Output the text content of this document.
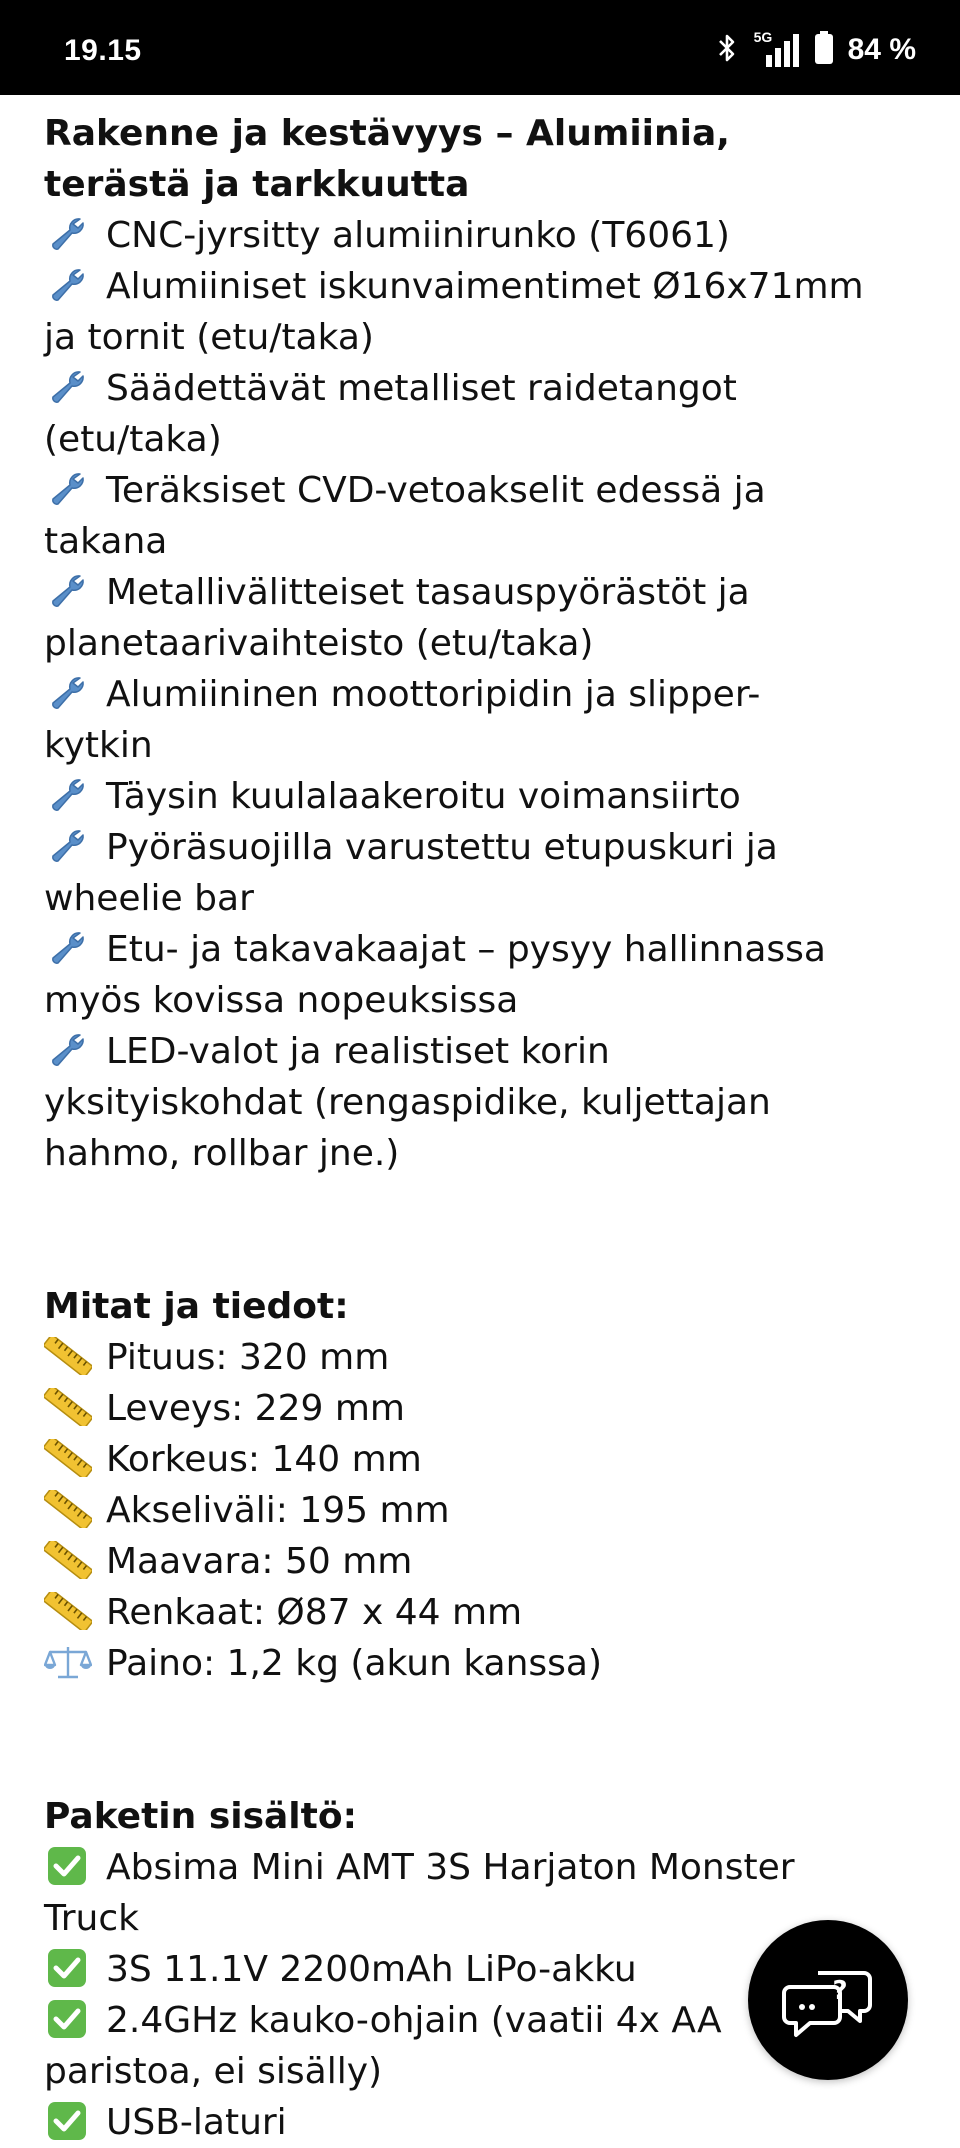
19.15	5G	84 %
Rakenne ja kestävyys – Alumiinia,
terästä ja tarkkuutta
CNC-jyrsitty alumiinirunko (T6061)
Alumiiniset iskunvaimentimet Ø16x71mm
ja tornit (etu/taka)
Säädettävät metalliset raidetangot
(etu/taka)
Teräksiset CVD-vetoakselit edessä ja
takana
Metallivälitteiset tasauspyörästöt ja
planetaarivaihteisto (etu/taka)
Alumiininen moottoripidin ja slipper-
kytkin
Täysin kuulalaakeroitu voimansiirto
Pyöräsuojilla varustettu etupuskuri ja
wheelie bar
Etu- ja takavakaajat – pysyy hallinnassa
myös kovissa nopeuksissa
LED-valot ja realistiset korin
yksityiskohdat (rengaspidike, kuljettajan
hahmo, rollbar jne.)
Mitat ja tiedot:
Pituus: 320 mm
Leveys: 229 mm
Korkeus: 140 mm
Akseliväli: 195 mm
Maavara: 50 mm
Renkaat: Ø87 x 44 mm
Paino: 1,2 kg (akun kanssa)
Paketin sisältö:
Absima Mini AMT 3S Harjaton Monster
Truck
3S 11.1V 2200mAh LiPo-akku
2.4GHz kauko-ohjain (vaatii 4x AA
paristoa, ei sisälly)
USB-laturi
?
